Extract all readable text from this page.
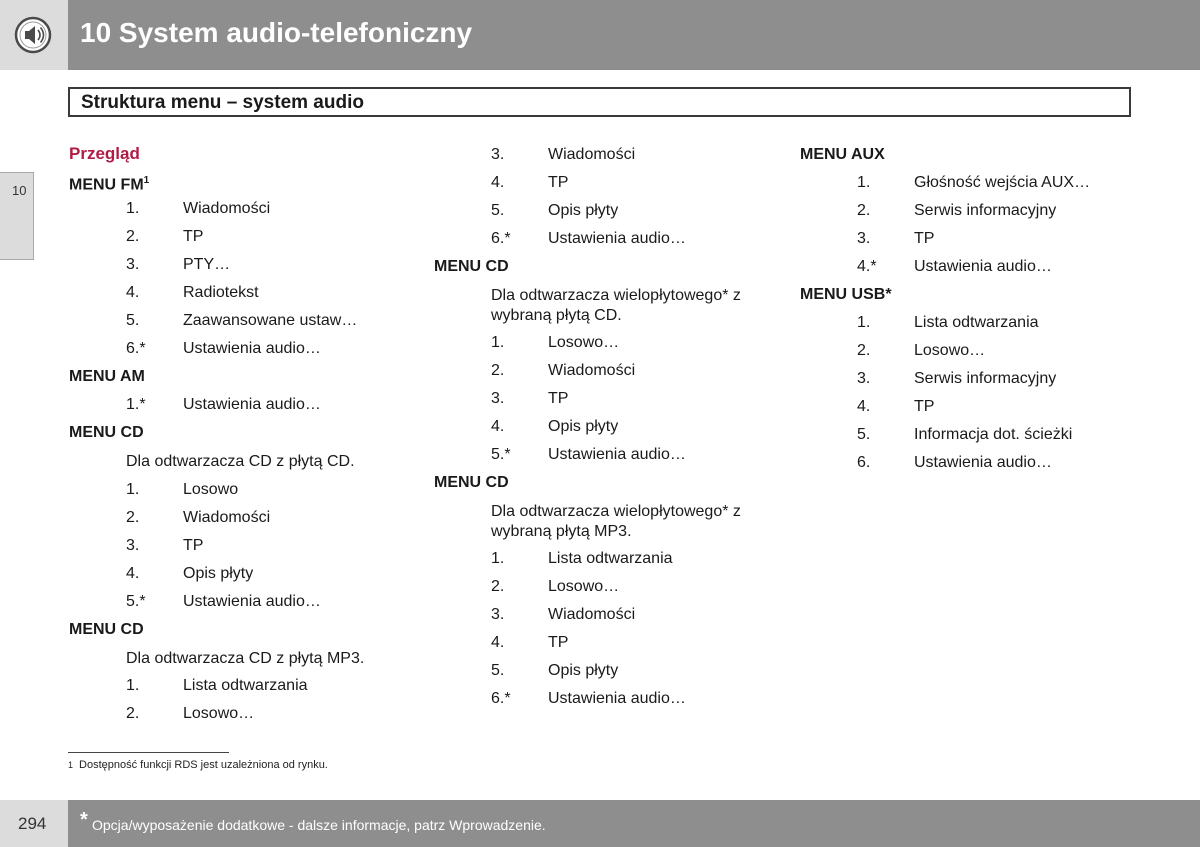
10 System audio-telefoniczny
10
Struktura menu – system audio
Przegląd
MENU $FM^1$
1.	Wiadomości
2.	TP
3.	PTY…
4.	Radiotekst
5.	Zaawansowane ustaw…
6.* Ustawienia audio…
MENU AM
1.* Ustawienia audio…
MENU CD
Dla odtwarzacza CD z płytą CD.
1.	Losowo
2.	Wiadomości
3.	TP
4.	Opis płyty
5.* Ustawienia audio…
MENU CD
Dla odtwarzacza CD z płytą MP3.
1.	Lista odtwarzania
2.	Losowo…
3.	Wiadomości
4.	TP
5.	Opis płyty
6.* Ustawienia audio…
MENU CD
Dla odtwarzacza wielopłytowego* z wybraną płytą CD.
1.	Losowo…
2.	Wiadomości
3.	TP
4.	Opis płyty
5.* Ustawienia audio…
MENU CD
Dla odtwarzacza wielopłytowego* z wybraną płytą MP3.
1.	Lista odtwarzania
2.	Losowo…
3.	Wiadomości
4.	TP
5.	Opis płyty
6.* Ustawienia audio…
MENU AUX
1.	Głośność wejścia AUX…
2.	Serwis informacyjny
3.	TP
4.* Ustawienia audio…
MENU USB*
1.	Lista odtwarzania
2.	Losowo…
3.	Serwis informacyjny
4.	TP
5.	Informacja dot. ścieżki
6.	Ustawienia audio…
1 Dostępność funkcji RDS jest uzależniona od rynku.
294 * Opcja/wyposażenie dodatkowe - dalsze informacje, patrz Wprowadzenie.
